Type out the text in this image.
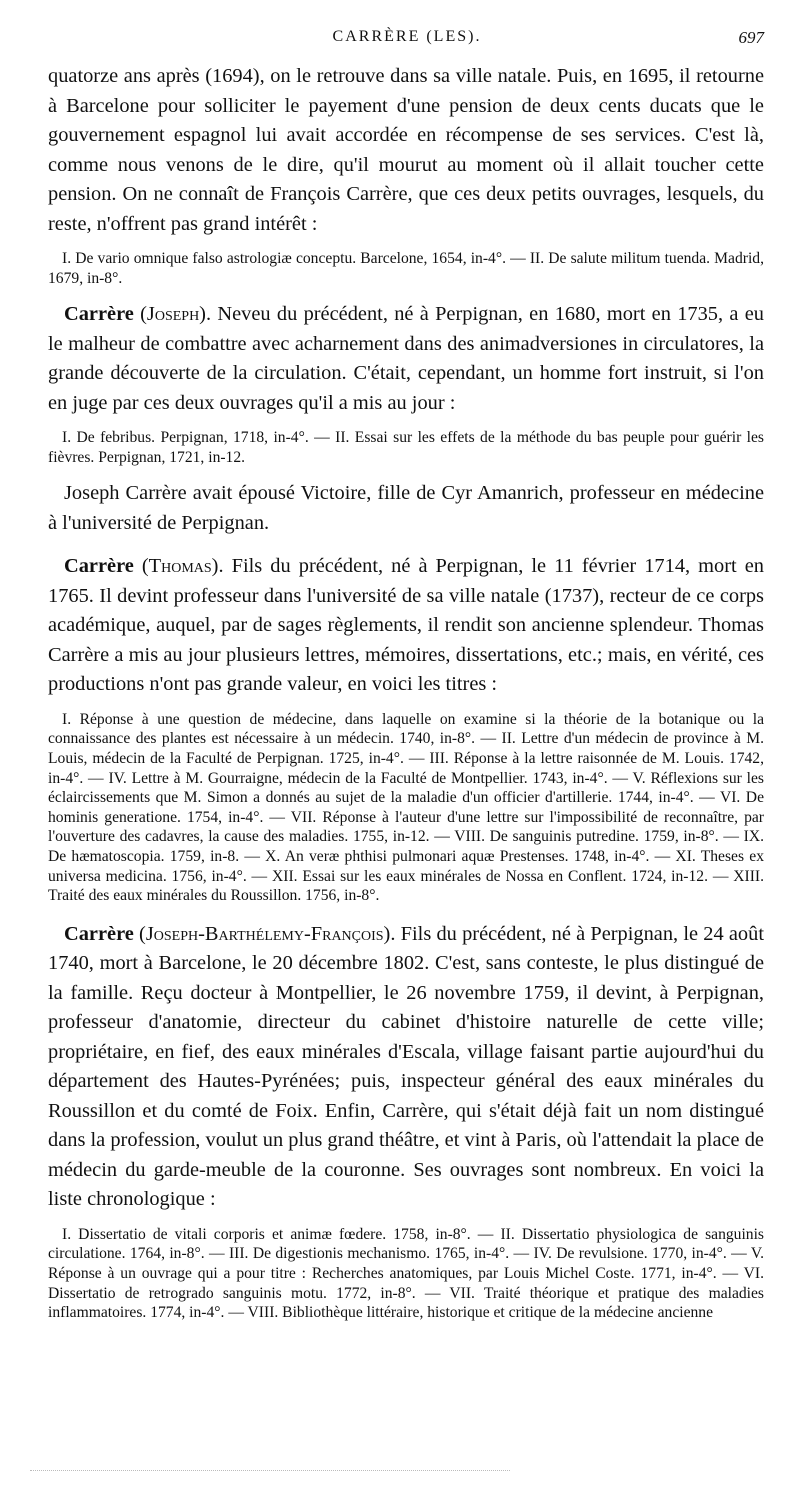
CARRÈRE (LES).	697

quatorze ans après (1694), on le retrouve dans sa ville natale. Puis, en 1695, il retourne à Barcelone pour solliciter le payement d'une pension de deux cents ducats que le gouvernement espagnol lui avait accordée en récompense de ses services. C'est là, comme nous venons de le dire, qu'il mourut au moment où il allait toucher cette pension. On ne connaît de François Carrère, que ces deux petits ouvrages, lesquels, du reste, n'offrent pas grand intérêt :

I. De vario omnique falso astrologiæ conceptu. Barcelone, 1654, in-4°. — II. De salute militum tuenda. Madrid, 1679, in-8°.

Carrère (Joseph). Neveu du précédent, né à Perpignan, en 1680, mort en 1735, a eu le malheur de combattre avec acharnement dans des animadversiones in circulatores, la grande découverte de la circulation. C'était, cependant, un homme fort instruit, si l'on en juge par ces deux ouvrages qu'il a mis au jour :

I. De febribus. Perpignan, 1718, in-4°. — II. Essai sur les effets de la méthode du bas peuple pour guérir les fièvres. Perpignan, 1721, in-12.

Joseph Carrère avait épousé Victoire, fille de Cyr Amanrich, professeur en médecine à l'université de Perpignan.

Carrère (Thomas). Fils du précédent, né à Perpignan, le 11 février 1714, mort en 1765. Il devint professeur dans l'université de sa ville natale (1737), recteur de ce corps académique, auquel, par de sages règlements, il rendit son ancienne splendeur. Thomas Carrère a mis au jour plusieurs lettres, mémoires, dissertations, etc.; mais, en vérité, ces productions n'ont pas grande valeur, en voici les titres :

I. Réponse à une question de médecine, dans laquelle on examine si la théorie de la botanique ou la connaissance des plantes est nécessaire à un médecin. 1740, in-8°. — II. Lettre d'un médecin de province à M. Louis, médecin de la Faculté de Perpignan. 1725, in-4°. — III. Réponse à la lettre raisonnée de M. Louis. 1742, in-4°. — IV. Lettre à M. Gourraigne, médecin de la Faculté de Montpellier. 1743, in-4°. — V. Réflexions sur les éclaircissements que M. Simon a donnés au sujet de la maladie d'un officier d'artillerie. 1744, in-4°. — VI. De hominis generatione. 1754, in-4°. — VII. Réponse à l'auteur d'une lettre sur l'impossibilité de reconnaître, par l'ouverture des cadavres, la cause des maladies. 1755, in-12. — VIII. De sanguinis putredine. 1759, in-8°. — IX. De hæmatoscopia. 1759, in-8. — X. An veræ phthisi pulmonari aquæ Prestenses. 1748, in-4°. — XI. Theses ex universa medicina. 1756, in-4°. — XII. Essai sur les eaux minérales de Nossa en Conflent. 1724, in-12. — XIII. Traité des eaux minérales du Roussillon. 1756, in-8°.

Carrère (Joseph-Barthélemy-François). Fils du précédent, né à Perpignan, le 24 août 1740, mort à Barcelone, le 20 décembre 1802. C'est, sans conteste, le plus distingué de la famille. Reçu docteur à Montpellier, le 26 novembre 1759, il devint, à Perpignan, professeur d'anatomie, directeur du cabinet d'histoire naturelle de cette ville; propriétaire, en fief, des eaux minérales d'Escala, village faisant partie aujourd'hui du département des Hautes-Pyrénées; puis, inspecteur général des eaux minérales du Roussillon et du comté de Foix. Enfin, Carrère, qui s'était déjà fait un nom distingué dans la profession, voulut un plus grand théâtre, et vint à Paris, où l'attendait la place de médecin du garde-meuble de la couronne. Ses ouvrages sont nombreux. En voici la liste chronologique :

I. Dissertatio de vitali corporis et animæ fœdere. 1758, in-8°. — II. Dissertatio physiologica de sanguinis circulatione. 1764, in-8°. — III. De digestionis mechanismo. 1765, in-4°. — IV. De revulsione. 1770, in-4°. — V. Réponse à un ouvrage qui a pour titre : Recherches anatomiques, par Louis Michel Coste. 1771, in-4°. — VI. Dissertatio de retrogrado sanguinis motu. 1772, in-8°. — VII. Traité théorique et pratique des maladies inflammatoires. 1774, in-4°. — VIII. Bibliothèque littéraire, historique et critique de la médecine ancienne
